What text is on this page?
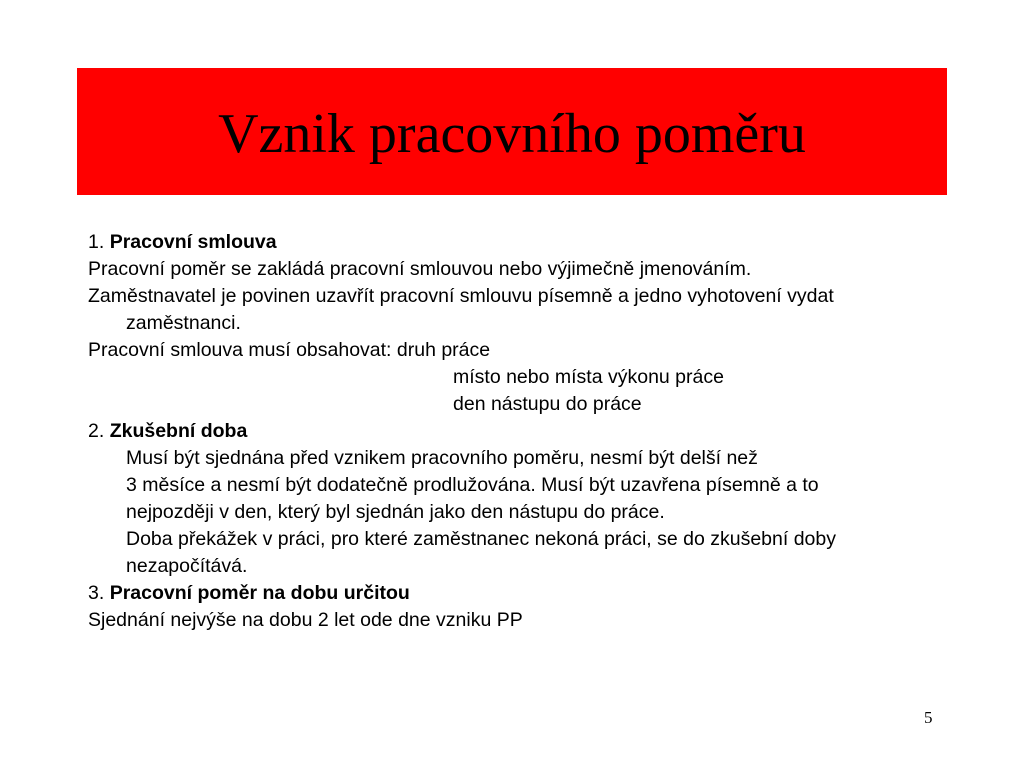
Vznik pracovního poměru
1. Pracovní smlouva
Pracovní poměr se zakládá pracovní smlouvou nebo výjimečně jmenováním.
Zaměstnavatel je povinen uzavřít pracovní smlouvu písemně a jedno vyhotovení vydat
zaměstnanci.
Pracovní smlouva musí obsahovat: druh práce
místo nebo místa výkonu práce
den nástupu do práce
2. Zkušební doba
Musí být sjednána před vznikem pracovního poměru, nesmí být delší než
3 měsíce a nesmí být dodatečně prodlužována. Musí být uzavřena písemně a to
nejpozději v den, který byl sjednán jako den nástupu do práce.
Doba překážek v práci, pro které zaměstnanec nekoná práci, se do zkušební doby
nezapočítává.
3. Pracovní poměr na dobu určitou
Sjednání nejvýše na dobu 2 let ode dne vzniku PP
5
